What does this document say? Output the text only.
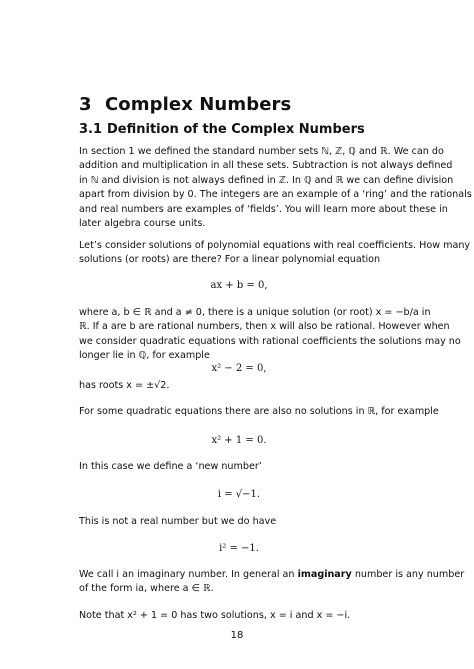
3 Complex Numbers
3.1 Definition of the Complex Numbers
In section 1 we defined the standard number sets ℕ, ℤ, ℚ and ℝ. We can do
addition and multiplication in all these sets. Subtraction is not always defined
in ℕ and division is not always defined in ℤ. In ℚ and ℝ we can define division
apart from division by 0. The integers are an example of a ‘ring’ and the rationals
and real numbers are examples of ‘fields’. You will learn more about these in
later algebra course units.
Let’s consider solutions of polynomial equations with real coefficients. How many
solutions (or roots) are there? For a linear polynomial equation
ax + b = 0,
where a, b ∈ ℝ and a ≠ 0, there is a unique solution (or root) x = −b/a in
ℝ. If a are b are rational numbers, then x will also be rational. However when
we consider quadratic equations with rational coefficients the solutions may no
longer lie in ℚ, for example
x² − 2 = 0,
has roots x = ±√2.
For some quadratic equations there are also no solutions in ℝ, for example
x² + 1 = 0.
In this case we define a ‘new number’
i = √−1.
This is not a real number but we do have
i² = −1.
We call i an imaginary number. In general an imaginary number is any number
of the form ia, where a ∈ ℝ.
Note that x² + 1 = 0 has two solutions, x = i and x = −i.
18
